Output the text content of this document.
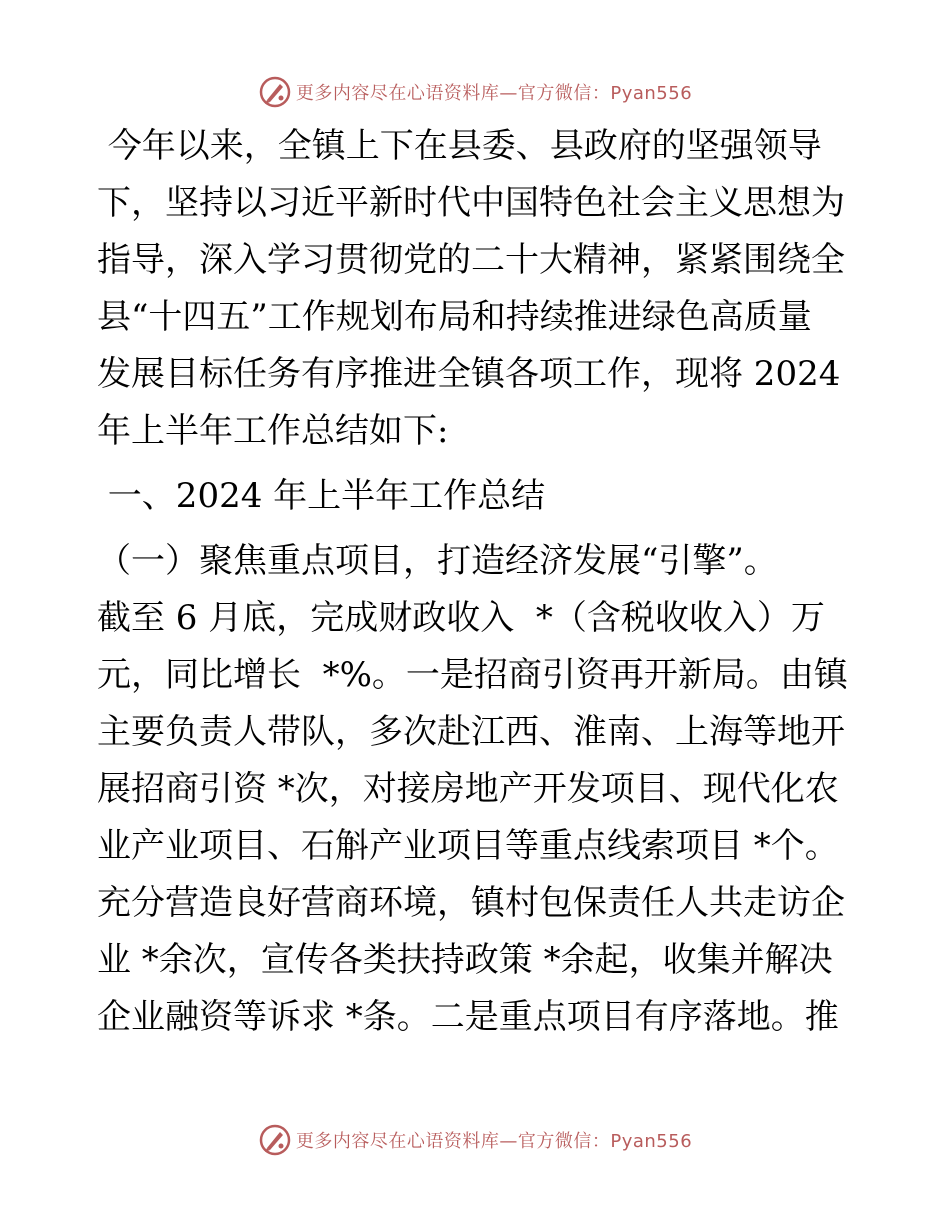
更多内容尽在心语资料库—官方微信：Pyan556
今年以来，全镇上下在县委、县政府的坚强领导
下，坚持以习近平新时代中国特色社会主义思想为
指导，深入学习贯彻党的二十大精神，紧紧围绕全
县“十四五”工作规划布局和持续推进绿色高质量
发展目标任务有序推进全镇各项工作，现将 2024
年上半年工作总结如下:
一、2024 年上半年工作总结
（一）聚焦重点项目，打造经济发展“引擎”。
截至 6 月底，完成财政收入  *（含税收收入）万
元，同比增长  *%。一是招商引资再开新局。由镇
主要负责人带队，多次赴江西、淮南、上海等地开
展招商引资 *次，对接房地产开发项目、现代化农
业产业项目、石斛产业项目等重点线索项目 *个。
充分营造良好营商环境，镇村包保责任人共走访企
业 *余次，宣传各类扶持政策 *余起，收集并解决
企业融资等诉求 *条。二是重点项目有序落地。推
更多内容尽在心语资料库—官方微信：Pyan556
